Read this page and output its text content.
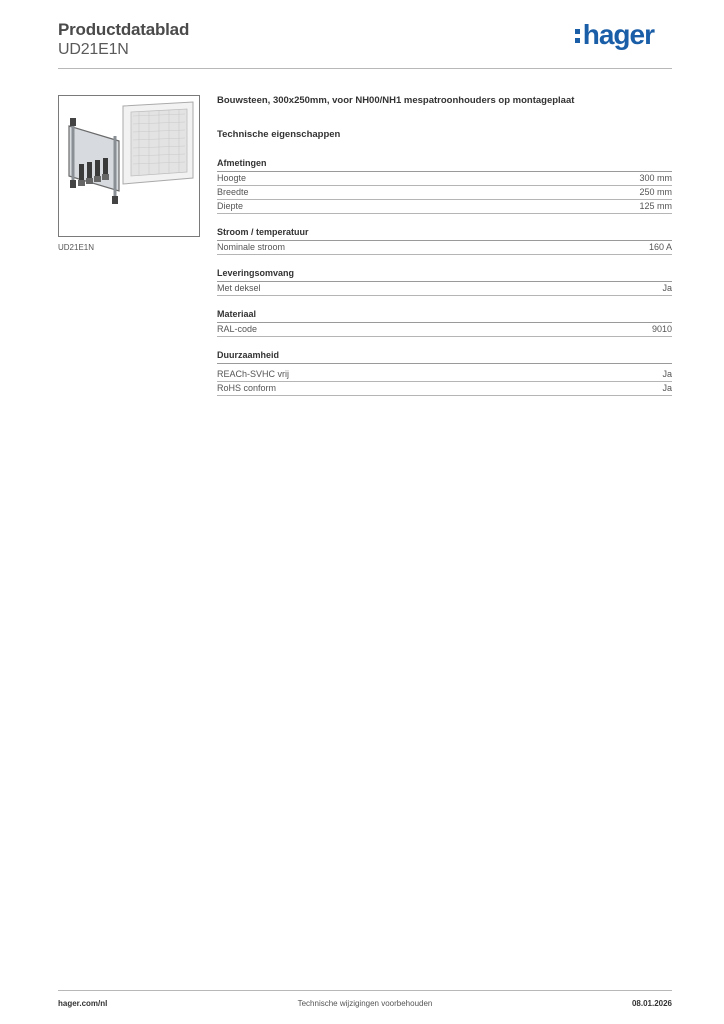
Productdatablad
UD21E1N	hager
UD21E1N
Bouwsteen, 300x250mm, voor NH00/NH1 mespatroonhouders op montageplaat
Technische eigenschappen
Afmetingen
Hoogte	300 mm
Breedte	250 mm
Diepte	125 mm
Stroom / temperatuur
Nominale stroom	160 A
Leveringsomvang
Met deksel	Ja
Materiaal
RAL-code	9010
Duurzaamheid
REACh-SVHC vrij	Ja
RoHS conform	Ja
hager.com/nl	Technische wijzigingen voorbehouden	08.01.2026
